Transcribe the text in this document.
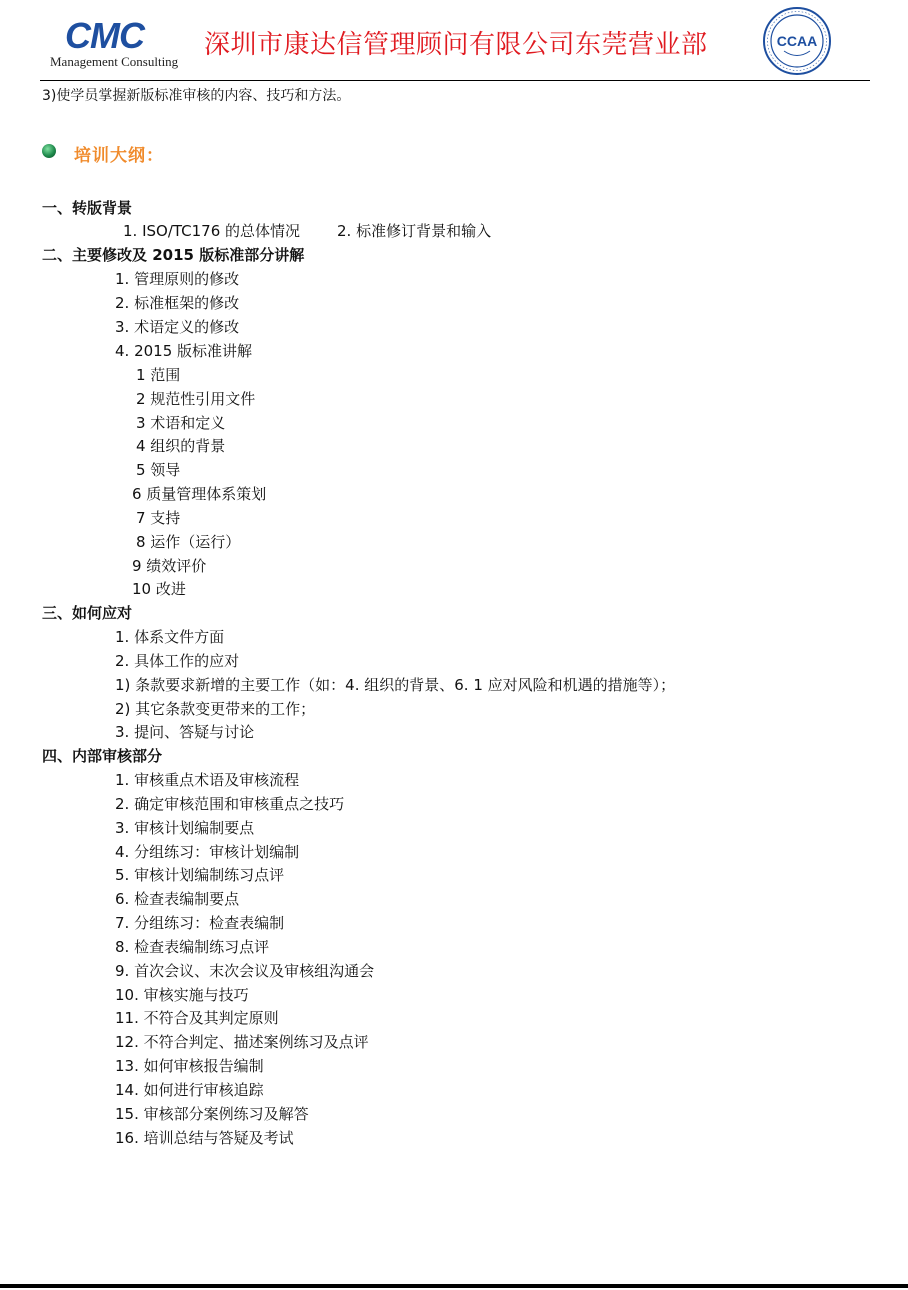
CMC
Management Consulting
深圳市康达信管理顾问有限公司东莞营业部	CCAA
3)使学员掌握新版标准审核的内容、技巧和方法。
培训大纲：
一、转版背景
1. ISO/TC176 的总体情况 2. 标准修订背景和输入
二、主要修改及 2015 版标准部分讲解
1. 管理原则的修改
2. 标准框架的修改
3. 术语定义的修改
4. 2015 版标准讲解
1 范围
2 规范性引用文件
3 术语和定义
4 组织的背景
5 领导
6 质量管理体系策划
7 支持
8 运作（运行）
9 绩效评价
10 改进
三、如何应对
1. 体系文件方面
2. 具体工作的应对
1) 条款要求新增的主要工作（如：4. 组织的背景、6. 1 应对风险和机遇的措施等）；
2) 其它条款变更带来的工作；
3. 提问、答疑与讨论
四、内部审核部分
1. 审核重点术语及审核流程
2. 确定审核范围和审核重点之技巧
3. 审核计划编制要点
4. 分组练习：审核计划编制
5. 审核计划编制练习点评
6. 检查表编制要点
7. 分组练习：检查表编制
8. 检查表编制练习点评
9. 首次会议、末次会议及审核组沟通会
10. 审核实施与技巧
11. 不符合及其判定原则
12. 不符合判定、描述案例练习及点评
13. 如何审核报告编制
14. 如何进行审核追踪
15. 审核部分案例练习及解答
16. 培训总结与答疑及考试
